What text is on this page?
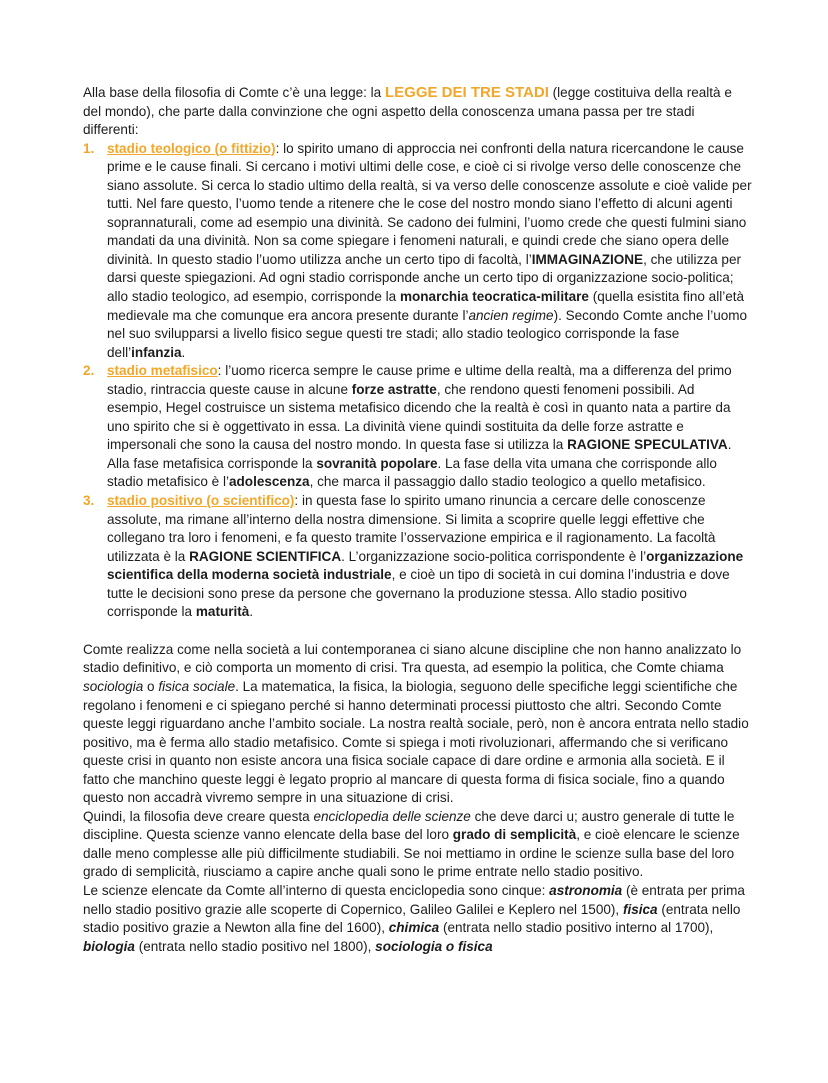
Alla base della filosofia di Comte c’è una legge: la LEGGE DEI TRE STADI (legge costituiva della realtà e del mondo), che parte dalla convinzione che ogni aspetto della conoscenza umana passa per tre stadi differenti:

1. stadio teologico (o fittizio): lo spirito umano di approccia nei confronti della natura ricercandone le cause prime e le cause finali. Si cercano i motivi ultimi delle cose, e cioè ci si rivolge verso delle conoscenze che siano assolute. Si cerca lo stadio ultimo della realtà, si va verso delle conoscenze assolute e cioè valide per tutti. Nel fare questo, l’uomo tende a ritenere che le cose del nostro mondo siano l’effetto di alcuni agenti soprannaturali, come ad esempio una divinità. Se cadono dei fulmini, l’uomo crede che questi fulmini siano mandati da una divinità. Non sa come spiegare i fenomeni naturali, e quindi crede che siano opera delle divinità. In questo stadio l’uomo utilizza anche un certo tipo di facoltà, l’IMMAGINAZIONE, che utilizza per darsi queste spiegazioni. Ad ogni stadio corrisponde anche un certo tipo di organizzazione socio-politica; allo stadio teologico, ad esempio, corrisponde la monarchia teocratica-militare (quella esistita fino all’età medievale ma che comunque era ancora presente durante l’ancien regime). Secondo Comte anche l’uomo nel suo svilupparsi a livello fisico segue questi tre stadi; allo stadio teologico corrisponde la fase dell’infanzia.
2. stadio metafisico: l’uomo ricerca sempre le cause prime e ultime della realtà, ma a differenza del primo stadio, rintraccia queste cause in alcune forze astratte, che rendono questi fenomeni possibili. Ad esempio, Hegel costruisce un sistema metafisico dicendo che la realtà è così in quanto nata a partire da uno spirito che si è oggettivato in essa. La divinità viene quindi sostituita da delle forze astratte e impersonali che sono la causa del nostro mondo. In questa fase si utilizza la RAGIONE SPECULATIVA. Alla fase metafisica corrisponde la sovranità popolare. La fase della vita umana che corrisponde allo stadio metafisico è l’adolescenza, che marca il passaggio dallo stadio teologico a quello metafisico.
3. stadio positivo (o scientifico): in questa fase lo spirito umano rinuncia a cercare delle conoscenze assolute, ma rimane all’interno della nostra dimensione. Si limita a scoprire quelle leggi effettive che collegano tra loro i fenomeni, e fa questo tramite l’osservazione empirica e il ragionamento. La facoltà utilizzata è la RAGIONE SCIENTIFICA. L’organizzazione socio-politica corrispondente è l’organizzazione scientifica della moderna società industriale, e cioè un tipo di società in cui domina l’industria e dove tutte le decisioni sono prese da persone che governano la produzione stessa. Allo stadio positivo corrisponde la maturità.

Comte realizza come nella società a lui contemporanea ci siano alcune discipline che non hanno analizzato lo stadio definitivo, e ciò comporta un momento di crisi. Tra questa, ad esempio la politica, che Comte chiama sociologia o fisica sociale. La matematica, la fisica, la biologia, seguono delle specifiche leggi scientifiche che regolano i fenomeni e ci spiegano perché si hanno determinati processi piuttosto che altri. Secondo Comte queste leggi riguardano anche l’ambito sociale. La nostra realtà sociale, però, non è ancora entrata nello stadio positivo, ma è ferma allo stadio metafisico. Comte si spiega i moti rivoluzionari, affermando che si verificano queste crisi in quanto non esiste ancora una fisica sociale capace di dare ordine e armonia alla società. E il fatto che manchino queste leggi è legato proprio al mancare di questa forma di fisica sociale, fino a quando questo non accadrà vivremo sempre in una situazione di crisi.

Quindi, la filosofia deve creare questa enciclopedia delle scienze che deve darci u; austro generale di tutte le discipline. Questa scienze vanno elencate della base del loro grado di semplicità, e cioè elencare le scienze dalle meno complesse alle più difficilmente studiabili. Se noi mettiamo in ordine le scienze sulla base del loro grado di semplicità, riusciamo a capire anche quali sono le prime entrate nello stadio positivo.

Le scienze elencate da Comte all’interno di questa enciclopedia sono cinque: astronomia (è entrata per prima nello stadio positivo grazie alle scoperte di Copernico, Galileo Galilei e Keplero nel 1500), fisica (entrata nello stadio positivo grazie a Newton alla fine del 1600), chimica (entrata nello stadio positivo interno al 1700), biologia (entrata nello stadio positivo nel 1800), sociologia o fisica
